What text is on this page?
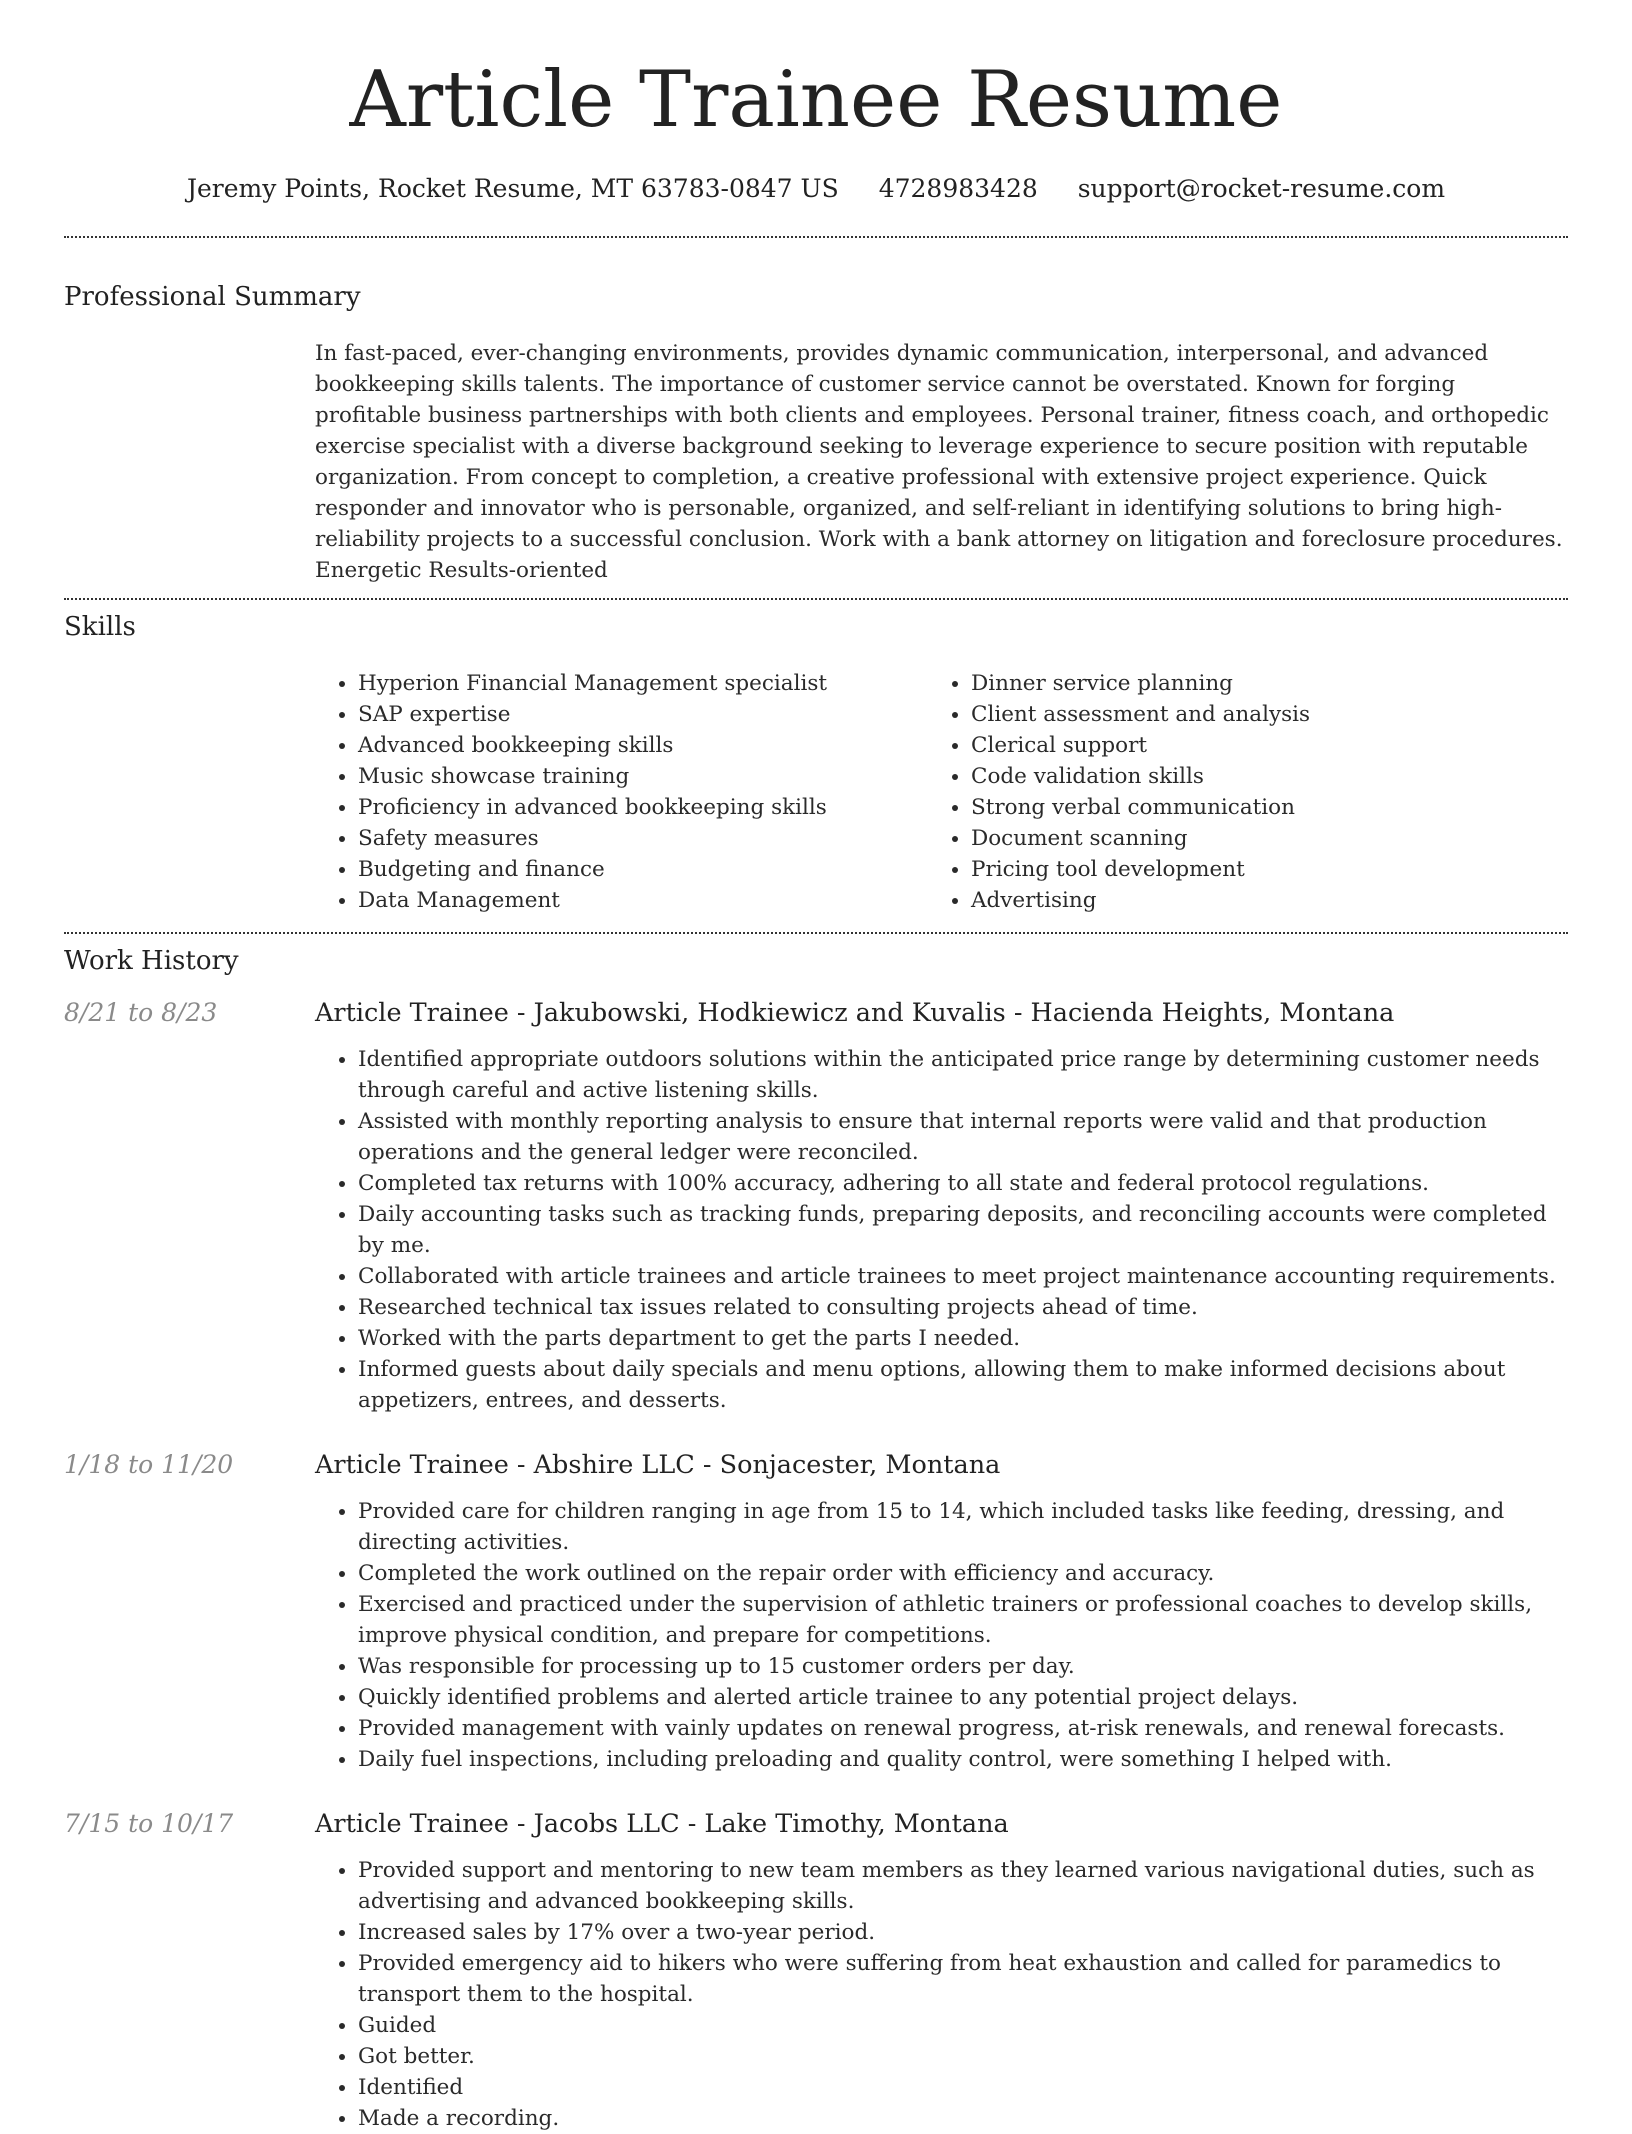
Article Trainee Resume
Jeremy Points, Rocket Resume, MT 63783-0847 US 4728983428 support@rocket-resume.com
Professional Summary
In fast-paced, ever-changing environments, provides dynamic communication, interpersonal, and advanced bookkeeping skills talents. The importance of customer service cannot be overstated. Known for forging profitable business partnerships with both clients and employees. Personal trainer, fitness coach, and orthopedic exercise specialist with a diverse background seeking to leverage experience to secure position with reputable organization. From concept to completion, a creative professional with extensive project experience. Quick responder and innovator who is personable, organized, and self-reliant in identifying solutions to bring high-reliability projects to a successful conclusion. Work with a bank attorney on litigation and foreclosure procedures. Energetic Results-oriented
Skills
• Hyperion Financial Management specialist
• SAP expertise
• Advanced bookkeeping skills
• Music showcase training
• Proficiency in advanced bookkeeping skills
• Safety measures
• Budgeting and finance
• Data Management
• Dinner service planning
• Client assessment and analysis
• Clerical support
• Code validation skills
• Strong verbal communication
• Document scanning
• Pricing tool development
• Advertising
Work History
8/21 to 8/23	Article Trainee - Jakubowski, Hodkiewicz and Kuvalis - Hacienda Heights, Montana
• Identified appropriate outdoors solutions within the anticipated price range by determining customer needs through careful and active listening skills.
• Assisted with monthly reporting analysis to ensure that internal reports were valid and that production operations and the general ledger were reconciled.
• Completed tax returns with 100% accuracy, adhering to all state and federal protocol regulations.
• Daily accounting tasks such as tracking funds, preparing deposits, and reconciling accounts were completed by me.
• Collaborated with article trainees and article trainees to meet project maintenance accounting requirements.
• Researched technical tax issues related to consulting projects ahead of time.
• Worked with the parts department to get the parts I needed.
• Informed guests about daily specials and menu options, allowing them to make informed decisions about appetizers, entrees, and desserts.
1/18 to 11/20	Article Trainee - Abshire LLC - Sonjacester, Montana
• Provided care for children ranging in age from 15 to 14, which included tasks like feeding, dressing, and directing activities.
• Completed the work outlined on the repair order with efficiency and accuracy.
• Exercised and practiced under the supervision of athletic trainers or professional coaches to develop skills, improve physical condition, and prepare for competitions.
• Was responsible for processing up to 15 customer orders per day.
• Quickly identified problems and alerted article trainee to any potential project delays.
• Provided management with vainly updates on renewal progress, at-risk renewals, and renewal forecasts.
• Daily fuel inspections, including preloading and quality control, were something I helped with.
7/15 to 10/17	Article Trainee - Jacobs LLC - Lake Timothy, Montana
• Provided support and mentoring to new team members as they learned various navigational duties, such as advertising and advanced bookkeeping skills.
• Increased sales by 17% over a two-year period.
• Provided emergency aid to hikers who were suffering from heat exhaustion and called for paramedics to transport them to the hospital.
• Guided
• Got better.
• Identified
• Made a recording.
